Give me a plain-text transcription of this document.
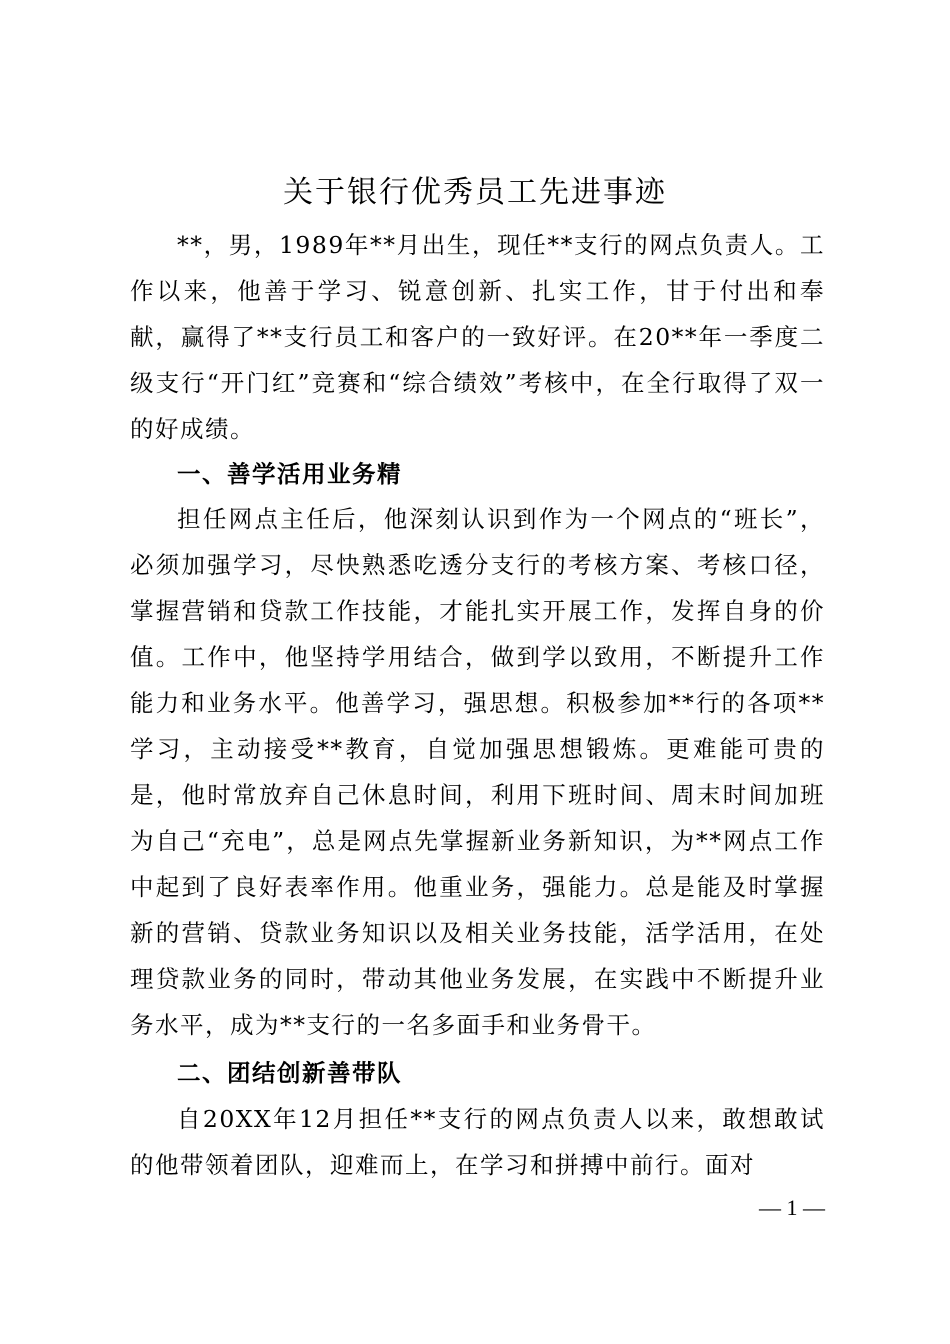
关于银行优秀员工先进事迹
**，男，1989年**月出生，现任**支行的网点负责人。工作以来，他善于学习、锐意创新、扎实工作，甘于付出和奉献，赢得了**支行员工和客户的一致好评。在20**年一季度二级支行“开门红”竞赛和“综合绩效”考核中，在全行取得了双一的好成绩。
一、善学活用业务精
担任网点主任后，他深刻认识到作为一个网点的“班长”，必须加强学习，尽快熟悉吃透分支行的考核方案、考核口径，掌握营销和贷款工作技能，才能扎实开展工作，发挥自身的价值。工作中，他坚持学用结合，做到学以致用，不断提升工作能力和业务水平。他善学习，强思想。积极参加**行的各项**学习，主动接受**教育，自觉加强思想锻炼。更难能可贵的是，他时常放弃自己休息时间，利用下班时间、周末时间加班为自己“充电”，总是网点先掌握新业务新知识，为**网点工作中起到了良好表率作用。他重业务，强能力。总是能及时掌握新的营销、贷款业务知识以及相关业务技能，活学活用，在处理贷款业务的同时，带动其他业务发展，在实践中不断提升业务水平，成为**支行的一名多面手和业务骨干。
二、团结创新善带队
自20XX年12月担任**支行的网点负责人以来，敢想敢试的他带领着团队，迎难而上，在学习和拼搏中前行。面对
— 1 —
